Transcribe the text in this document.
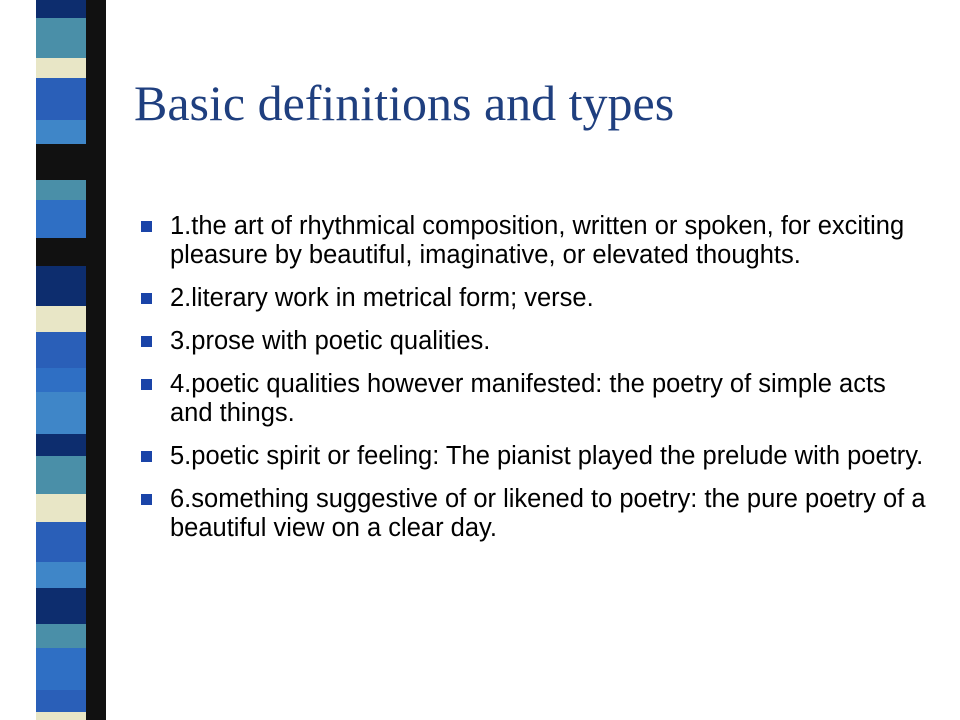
Basic definitions and types
1.the art of rhythmical composition, written or spoken, for exciting pleasure by beautiful, imaginative, or elevated thoughts.
2.literary work in metrical form; verse.
3.prose with poetic qualities.
4.poetic qualities however manifested: the poetry of simple acts and things.
5.poetic spirit or feeling: The pianist played the prelude with poetry.
6.something suggestive of or likened to poetry: the pure poetry of a beautiful view on a clear day.
